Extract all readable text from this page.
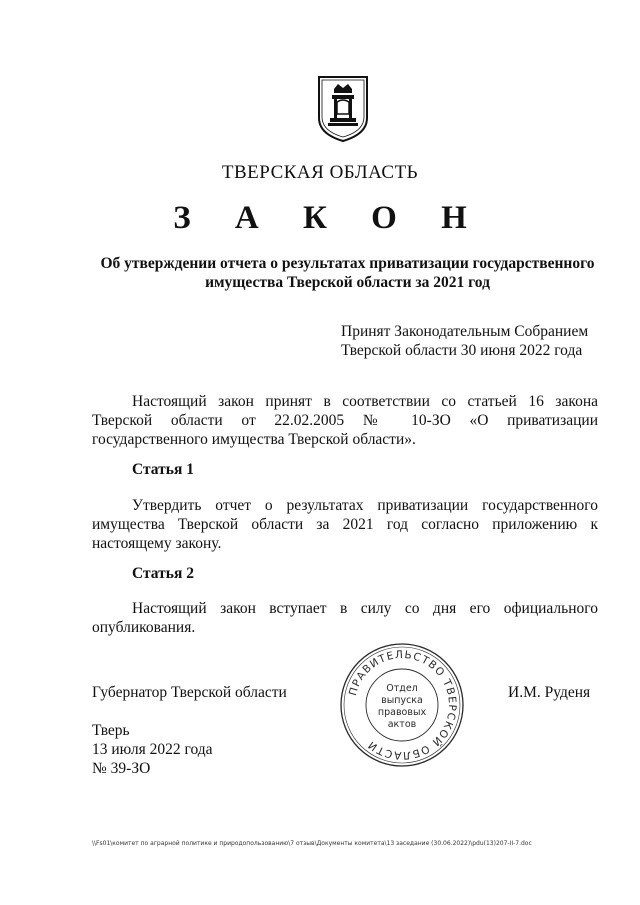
ТВЕРСКАЯ ОБЛАСТЬ
З А К О Н
Об утверждении отчета о результатах приватизации государственного
имущества Тверской области за 2021 год
Принят Законодательным Собранием
Тверской области 30 июня 2022 года
Настоящий закон принят в соответствии со статьей 16 закона Тверской области от 22.02.2005 № 10-ЗО «О приватизации государственного имущества Тверской области».
Статья 1
Утвердить отчет о результатах приватизации государственного имущества Тверской области за 2021 год согласно приложению к настоящему закону.
Статья 2
Настоящий закон вступает в силу со дня его официального опубликования.
ПРАВИТЕЛЬСТВО ТВЕРСКОЙ ОБЛАСТИ
Отдел
выпуска
правовых
актов
Губернатор Тверской области	И.М. Руденя
Тверь
13 июля 2022 года
№ 39-ЗО
\\Fs01\комитет по аграрной политике и природопользованию\7 отзыв\Документы комитета\13 заседание (30.06.2022)\pdu(13)207-II-7.doc
